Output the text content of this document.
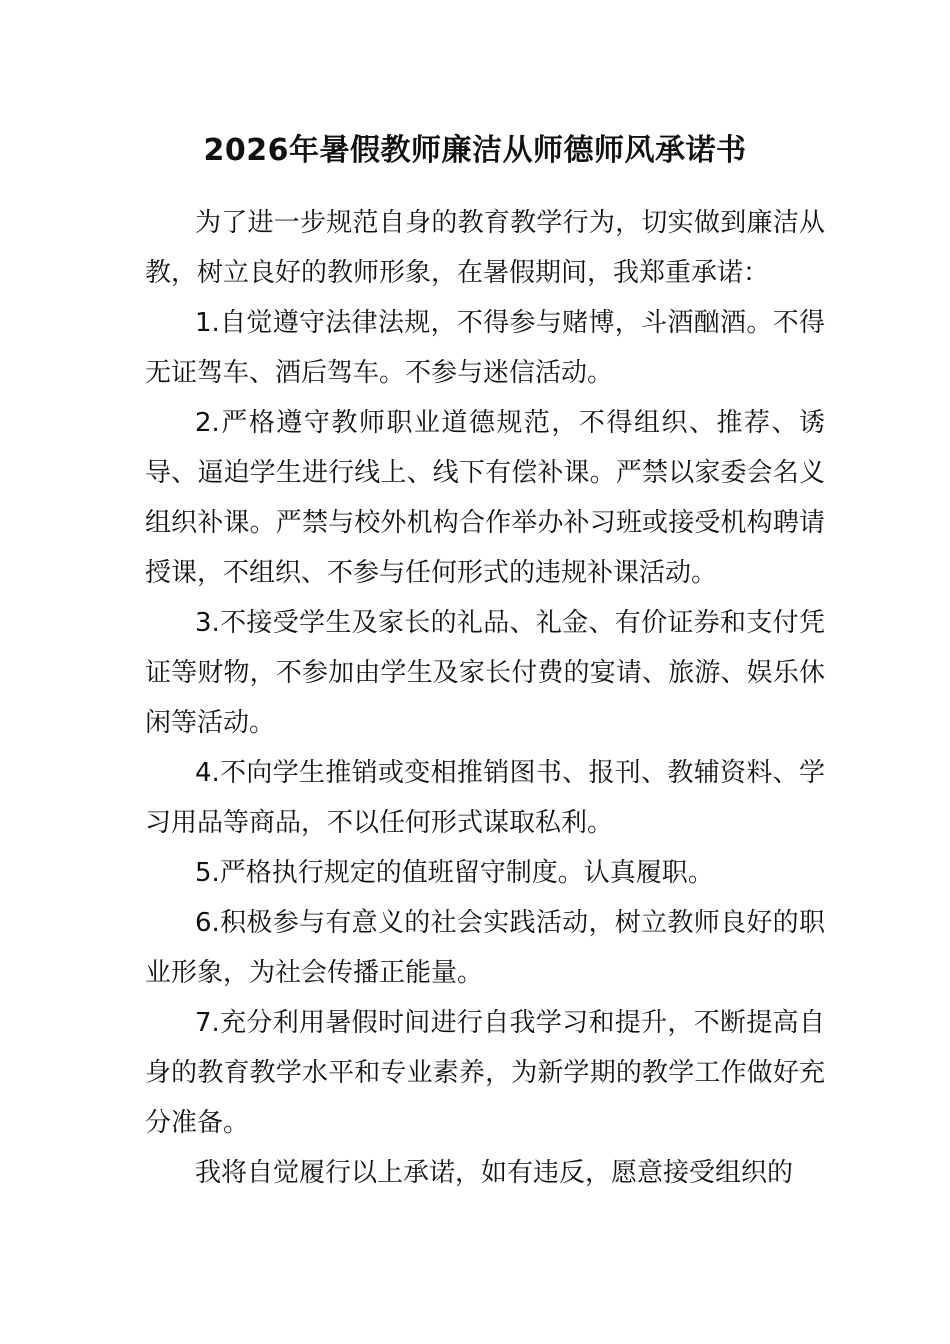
2026年暑假教师廉洁从师德师风承诺书

为了进一步规范自身的教育教学行为，切实做到廉洁从教，树立良好的教师形象，在暑假期间，我郑重承诺：

1.自觉遵守法律法规，不得参与赌博，斗酒酗酒。不得无证驾车、酒后驾车。不参与迷信活动。

2.严格遵守教师职业道德规范，不得组织、推荐、诱导、逼迫学生进行线上、线下有偿补课。严禁以家委会名义组织补课。严禁与校外机构合作举办补习班或接受机构聘请授课，不组织、不参与任何形式的违规补课活动。

3.不接受学生及家长的礼品、礼金、有价证券和支付凭证等财物，不参加由学生及家长付费的宴请、旅游、娱乐休闲等活动。

4.不向学生推销或变相推销图书、报刊、教辅资料、学习用品等商品，不以任何形式谋取私利。

5.严格执行规定的值班留守制度。认真履职。

6.积极参与有意义的社会实践活动，树立教师良好的职业形象，为社会传播正能量。

7.充分利用暑假时间进行自我学习和提升，不断提高自身的教育教学水平和专业素养，为新学期的教学工作做好充分准备。

我将自觉履行以上承诺，如有违反，愿意接受组织的
